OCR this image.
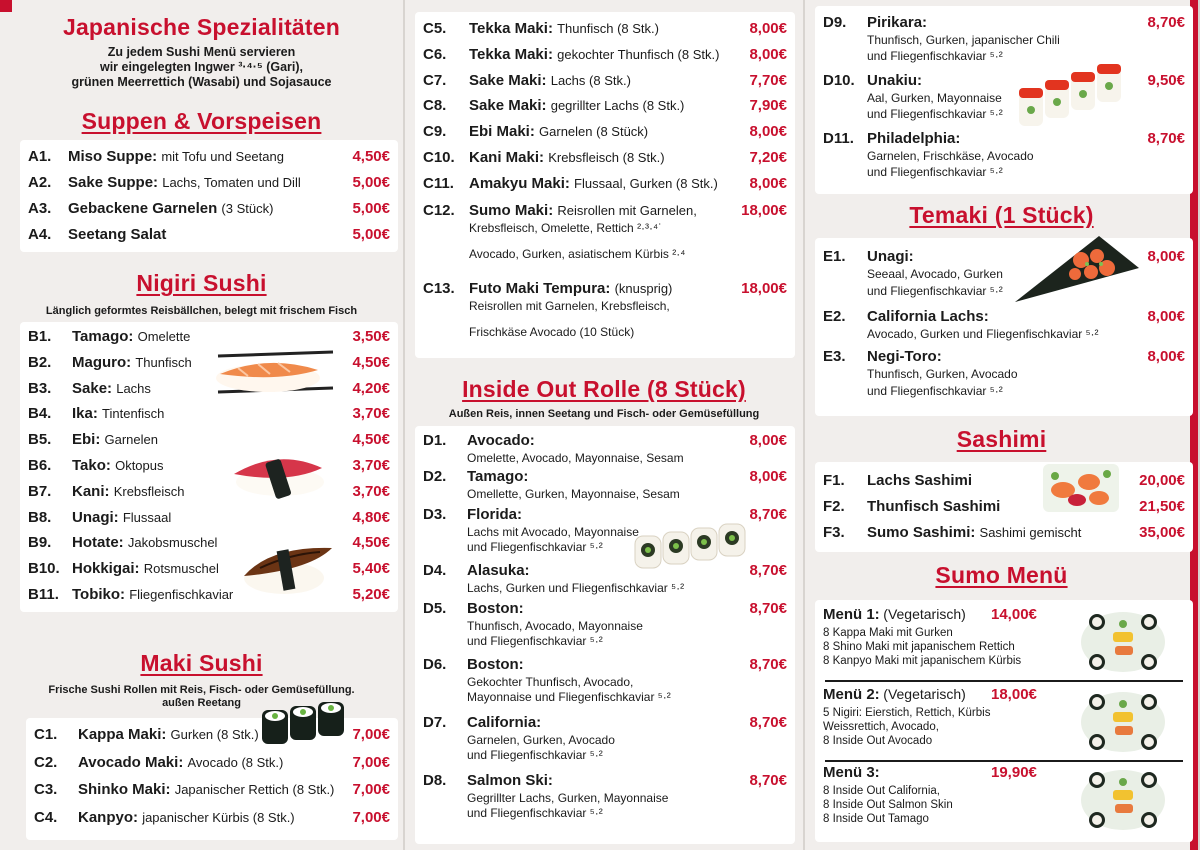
Japanische Spezialitäten
Zu jedem Sushi Menü servieren
wir eingelegten Ingwer ³·⁴·⁵ (Gari),
grünen Meerrettich (Wasabi) und Sojasauce
Suppen & Vorspeisen
A1.	Miso Suppe : mit Tofu und Seetang	4,50€
A2.	Sake Suppe : Lachs, Tomaten und Dill	5,00€
A3.	Gebackene Garnelen
(3 Stück)	5,00€
A4.	Seetang Salat	5,00€
Nigiri Sushi
Länglich geformtes Reisbällchen, belegt mit frischem Fisch
B1.	Tamago : Omelette	3,50€
B2.	Maguro : Thunfisch	4,50€
B3.	Sake : Lachs	4,20€
B4.	Ika : Tintenfisch	3,70€
B5.	Ebi : Garnelen	4,50€
B6.	Tako : Oktopus	3,70€
B7.	Kani : Krebsfleisch	3,70€
B8.	Unagi : Flussaal	4,80€
B9.	Hotate : Jakobsmuschel	4,50€
B10. Hokkigai : Rotsmuschel	5,40€
B11. Tobiko : Fliegenfischkaviar	5,20€
Maki Sushi
Frische Sushi Rollen mit Reis, Fisch- oder Gemüsefüllung.
außen Reetang
C1.	Kappa Maki : Gurken (8 Stk.)	7,00€
C2.	Avocado Maki : Avocado (8 Stk.)	7,00€
C3.	Shinko Maki : Japanischer Rettich (8 Stk.) 7,00€
C4.	Kanpyo : japanischer Kürbis (8 Stk.)	7,00€
C5.	Tekka Maki : Thunfisch (8 Stk.)	8,00€
C6.	Tekka Maki : gekochter Thunfisch (8 Stk.) 8,00€
C7.	Sake Maki : Lachs (8 Stk.)	7,70€
C8.	Sake Maki : gegrillter Lachs (8 Stk.)	7,90€
C9.	Ebi Maki : Garnelen (8 Stück)	8,00€
C10. Kani Maki : Krebsfleisch (8 Stk.)	7,20€
C11.	Amakyu Maki : Flussaal, Gurken (8 Stk.) 8,00€
C12. Sumo Maki : Reisrollen mit Garnelen,	18,00€
Krebsfleisch, Omelette, Rettich ²·³·⁴˙
Avocado, Gurken, asiatischem Kürbis ²·⁴
C13. Futo Maki Tempura : (knusprig)	18,00€
Reisrollen mit Garnelen, Krebsfleisch,
Frischkäse Avocado (10 Stück)
Inside Out Rolle (8 Stück)
Außen Reis, innen Seetang und Fisch- oder Gemüsefüllung
D1.	Avocado:	8,00€
Omelette, Avocado, Mayonnaise, Sesam
D2.	Tamago:	8,00€
Omellette, Gurken, Mayonnaise, Sesam
D3.	Florida:	8,70€
Lachs mit Avocado, Mayonnaise
und Fliegenfischkaviar ⁵·²
D4.	Alasuka:	8,70€
Lachs, Gurken und Fliegenfischkaviar ⁵·²
D5.	Boston:	8,70€
Thunfisch, Avocado, Mayonnaise
und Fliegenfischkaviar ⁵·²
D6.	Boston:	8,70€
Gekochter Thunfisch, Avocado,
Mayonnaise und Fliegenfischkaviar ⁵·²
D7.	California:	8,70€
Garnelen, Gurken, Avocado
und Fliegenfischkaviar ⁵·²
D8.	Salmon Ski:	8,70€
Gegrillter Lachs, Gurken, Mayonnaise
und Fliegenfischkaviar ⁵·²
D9.	Pirikara:	8,70€
Thunfisch, Gurken, japanischer Chili
und Fliegenfischkaviar ⁵·²
D10. Unakiu:	9,50€
Aal, Gurken, Mayonnaise
und Fliegenfischkaviar ⁵·²
D11. Philadelphia:	8,70€
Garnelen, Frischkäse, Avocado
und Fliegenfischkaviar ⁵·²
Temaki (1 Stück)
E1.	Unagi:	8,00€
Seeaal, Avocado, Gurken
und Fliegenfischkaviar ⁵·²
E2.	California Lachs:	8,00€
Avocado, Gurken und Fliegenfischkaviar ⁵·²
E3.	Negi-Toro:	8,00€
Thunfisch, Gurken, Avocado
und Fliegenfischkaviar ⁵·²
Sashimi
F1.	Lachs Sashimi	20,00€
F2.	Thunfisch Sashimi	21,50€
F3.	Sumo Sashimi : Sashimi gemischt	35,00€
Sumo Menü
Menü 1:
(Vegetarisch) 14,00€
8 Kappa Maki mit Gurken
8 Shino Maki mit japanischem Rettich
8 Kanpyo Maki mit japanischem Kürbis
Menü 2:
(Vegetarisch) 18,00€
5 Nigiri: Eierstich, Rettich, Kürbis
Weissrettich, Avocado,
8 Inside Out Avocado
Menü 3:	19,90€
8 Inside Out California,
8 Inside Out Salmon Skin
8 Inside Out Tamago
